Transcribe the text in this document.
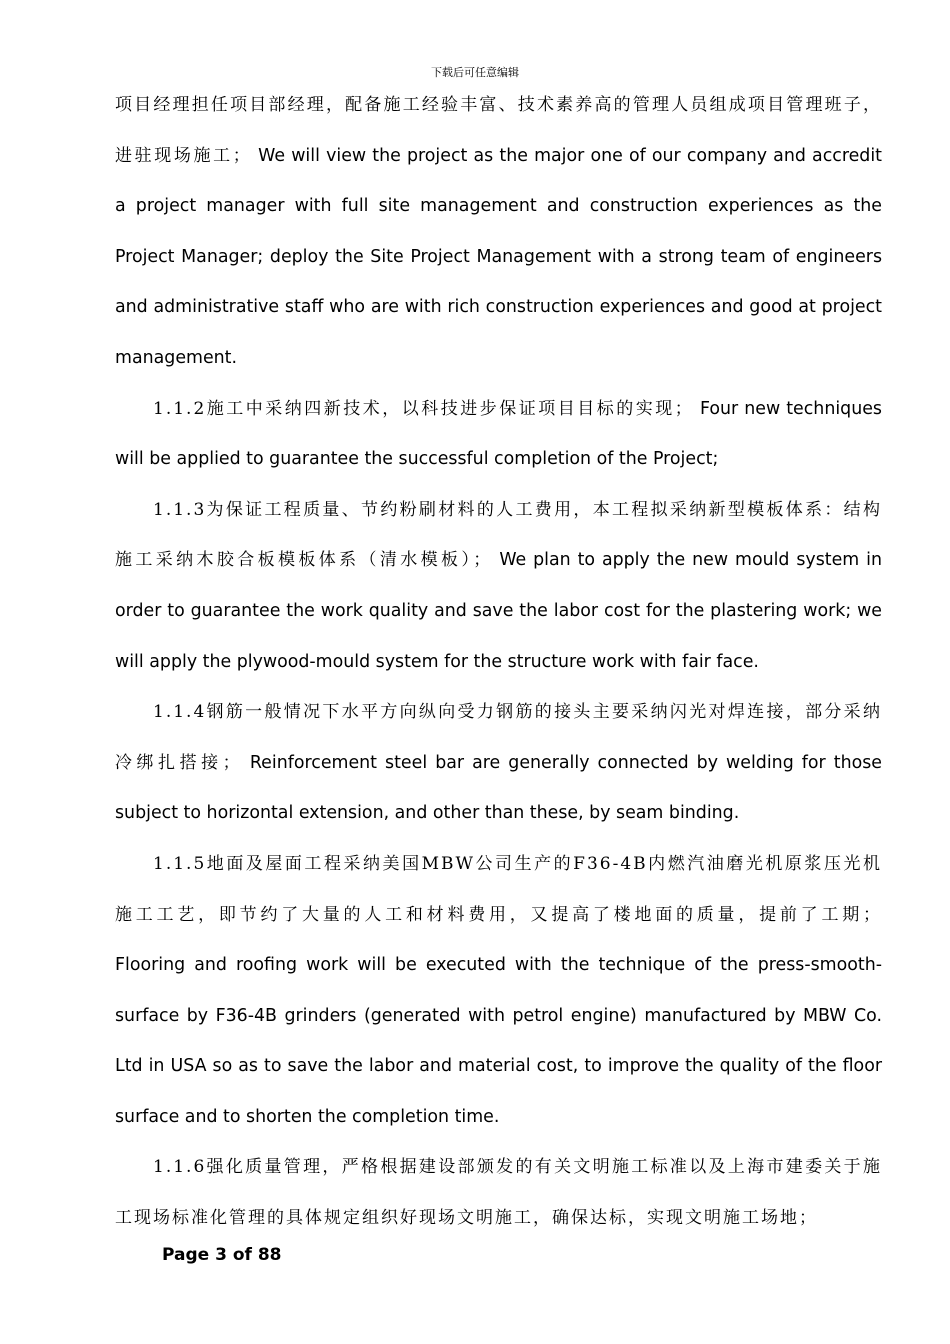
下载后可任意编辑

项目经理担任项目部经理，配备施工经验丰富、技术素养高的管理人员组成项目管理班子，进驻现场施工； We will view the project as the major one of our company and accredit a project manager with full site management and construction experiences as the Project Manager; deploy the Site Project Management with a strong team of engineers and administrative staff who are with rich construction experiences and good at project management.

1.1.2施工中采纳四新技术，以科技进步保证项目目标的实现； Four new techniques will be applied to guarantee the successful completion of the Project;

1.1.3为保证工程质量、节约粉刷材料的人工费用，本工程拟采纳新型模板体系：结构施工采纳木胶合板模板体系（清水模板）； We plan to apply the new mould system in order to guarantee the work quality and save the labor cost for the plastering work; we will apply the plywood-mould system for the structure work with fair face.

1.1.4钢筋一般情况下水平方向纵向受力钢筋的接头主要采纳闪光对焊连接，部分采纳冷绑扎搭接； Reinforcement steel bar are generally connected by welding for those subject to horizontal extension, and other than these, by seam binding.

1.1.5地面及屋面工程采纳美国MBW公司生产的F36-4B内燃汽油磨光机原浆压光机施工工艺，即节约了大量的人工和材料费用，又提高了楼地面的质量，提前了工期； Flooring and roofing work will be executed with the technique of the press-smooth-surface by F36-4B grinders (generated with petrol engine) manufactured by MBW Co. Ltd in USA so as to save the labor and material cost, to improve the quality of the floor surface and to shorten the completion time.

1.1.6强化质量管理，严格根据建设部颁发的有关文明施工标准以及上海市建委关于施工现场标准化管理的具体规定组织好现场文明施工，确保达标，实现文明施工场地；

Page 3 of 88
